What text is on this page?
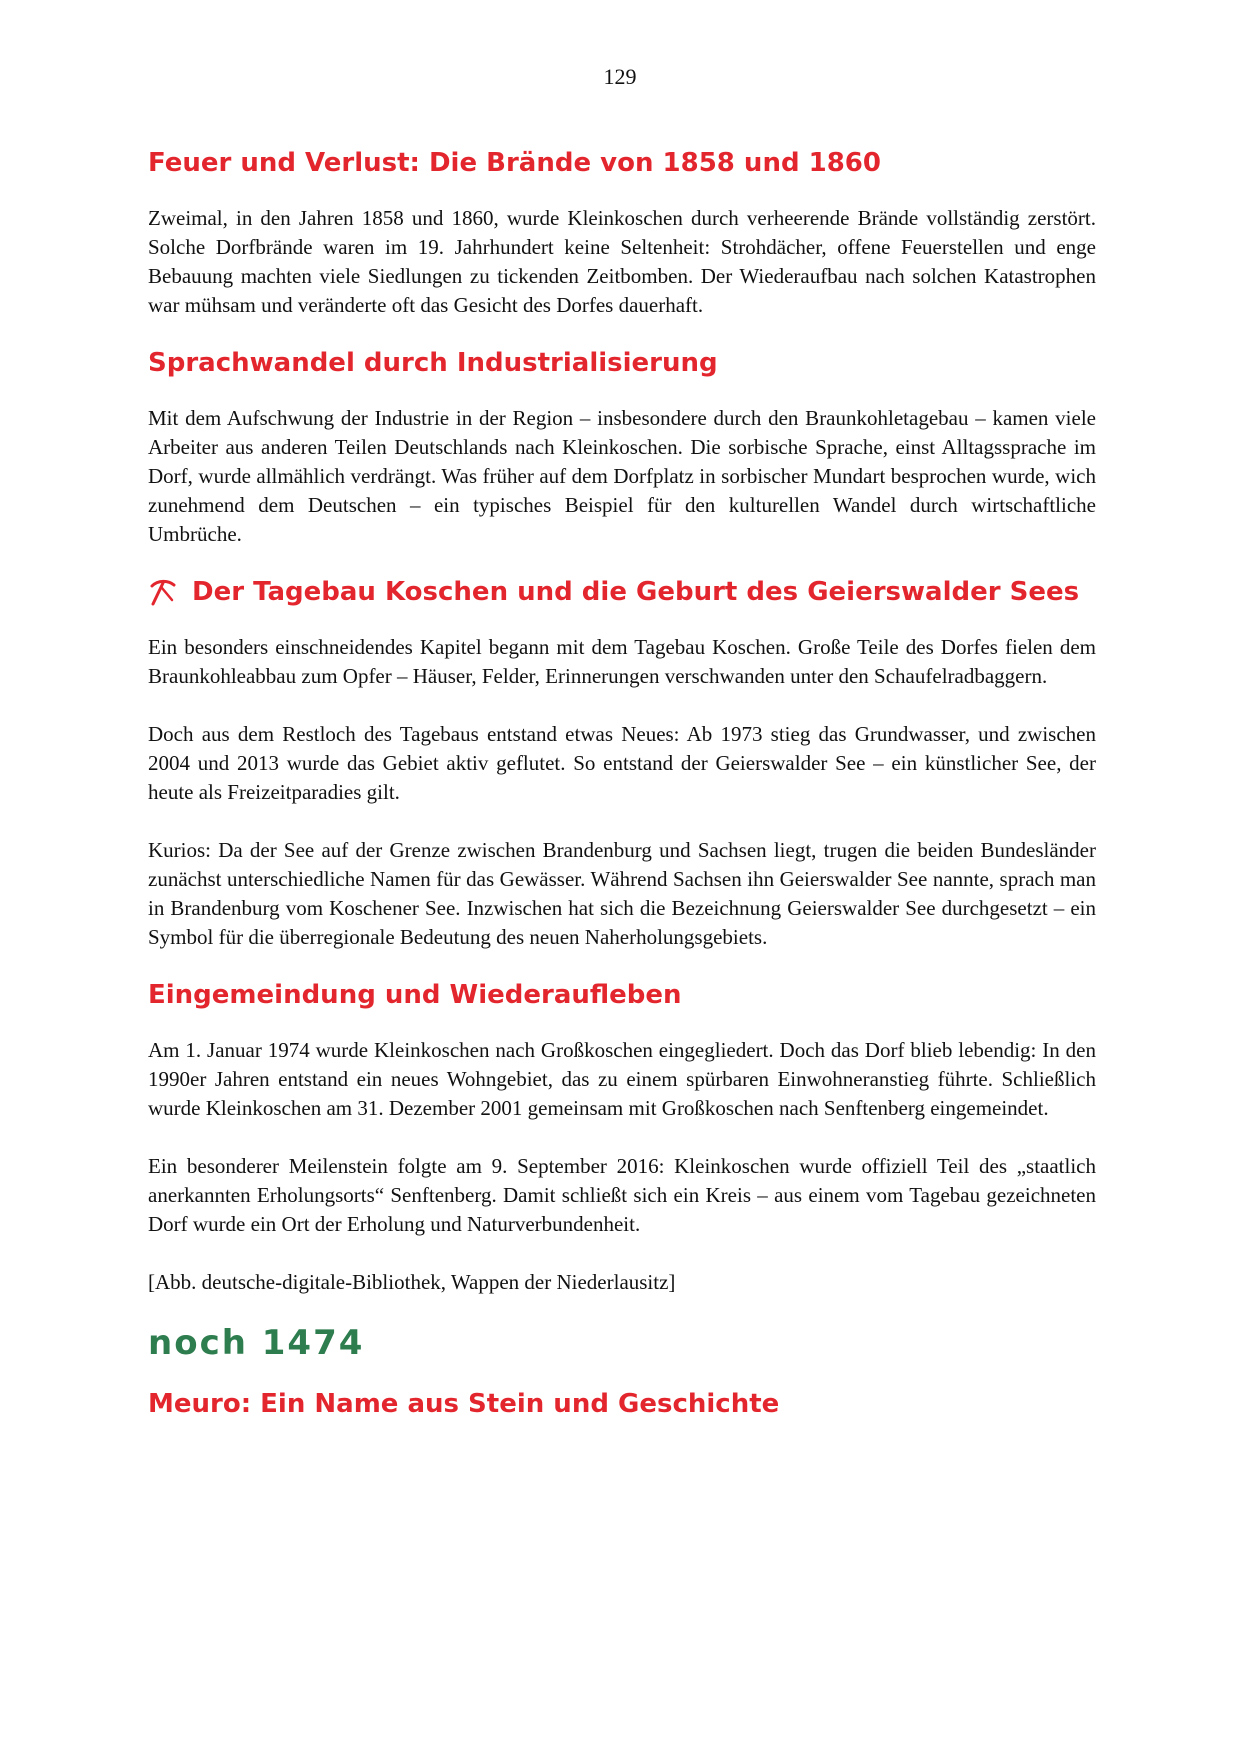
129
Feuer und Verlust: Die Brände von 1858 und 1860

Zweimal, in den Jahren 1858 und 1860, wurde Kleinkoschen durch verheerende Brände vollständig zerstört. Solche Dorfbrände waren im 19. Jahrhundert keine Seltenheit: Strohdächer, offene Feuerstellen und enge Bebauung machten viele Siedlungen zu tickenden Zeitbomben. Der Wiederaufbau nach solchen Katastrophen war mühsam und veränderte oft das Gesicht des Dorfes dauerhaft.

Sprachwandel durch Industrialisierung

Mit dem Aufschwung der Industrie in der Region – insbesondere durch den Braunkohletagebau – kamen viele Arbeiter aus anderen Teilen Deutschlands nach Kleinkoschen. Die sorbische Sprache, einst Alltagssprache im Dorf, wurde allmählich verdrängt. Was früher auf dem Dorfplatz in sorbischer Mundart besprochen wurde, wich zunehmend dem Deutschen – ein typisches Beispiel für den kulturellen Wandel durch wirtschaftliche Umbrüche.

Der Tagebau Koschen und die Geburt des Geierswalder Sees

Ein besonders einschneidendes Kapitel begann mit dem Tagebau Koschen. Große Teile des Dorfes fielen dem Braunkohleabbau zum Opfer – Häuser, Felder, Erinnerungen verschwanden unter den Schaufelradbaggern.

Doch aus dem Restloch des Tagebaus entstand etwas Neues: Ab 1973 stieg das Grundwasser, und zwischen 2004 und 2013 wurde das Gebiet aktiv geflutet. So entstand der Geierswalder See – ein künstlicher See, der heute als Freizeitparadies gilt.

Kurios: Da der See auf der Grenze zwischen Brandenburg und Sachsen liegt, trugen die beiden Bundesländer zunächst unterschiedliche Namen für das Gewässer. Während Sachsen ihn Geierswalder See nannte, sprach man in Brandenburg vom Koschener See. Inzwischen hat sich die Bezeichnung Geierswalder See durchgesetzt – ein Symbol für die überregionale Bedeutung des neuen Naherholungsgebiets.

Eingemeindung und Wiederaufleben

Am 1. Januar 1974 wurde Kleinkoschen nach Großkoschen eingegliedert. Doch das Dorf blieb lebendig: In den 1990er Jahren entstand ein neues Wohngebiet, das zu einem spürbaren Einwohneranstieg führte. Schließlich wurde Kleinkoschen am 31. Dezember 2001 gemeinsam mit Großkoschen nach Senftenberg eingemeindet.

Ein besonderer Meilenstein folgte am 9. September 2016: Kleinkoschen wurde offiziell Teil des „staatlich anerkannten Erholungsorts“ Senftenberg. Damit schließt sich ein Kreis – aus einem vom Tagebau gezeichneten Dorf wurde ein Ort der Erholung und Naturverbundenheit.

[Abb. deutsche-digitale-Bibliothek, Wappen der Niederlausitz]

noch 1474
Meuro: Ein Name aus Stein und Geschichte
